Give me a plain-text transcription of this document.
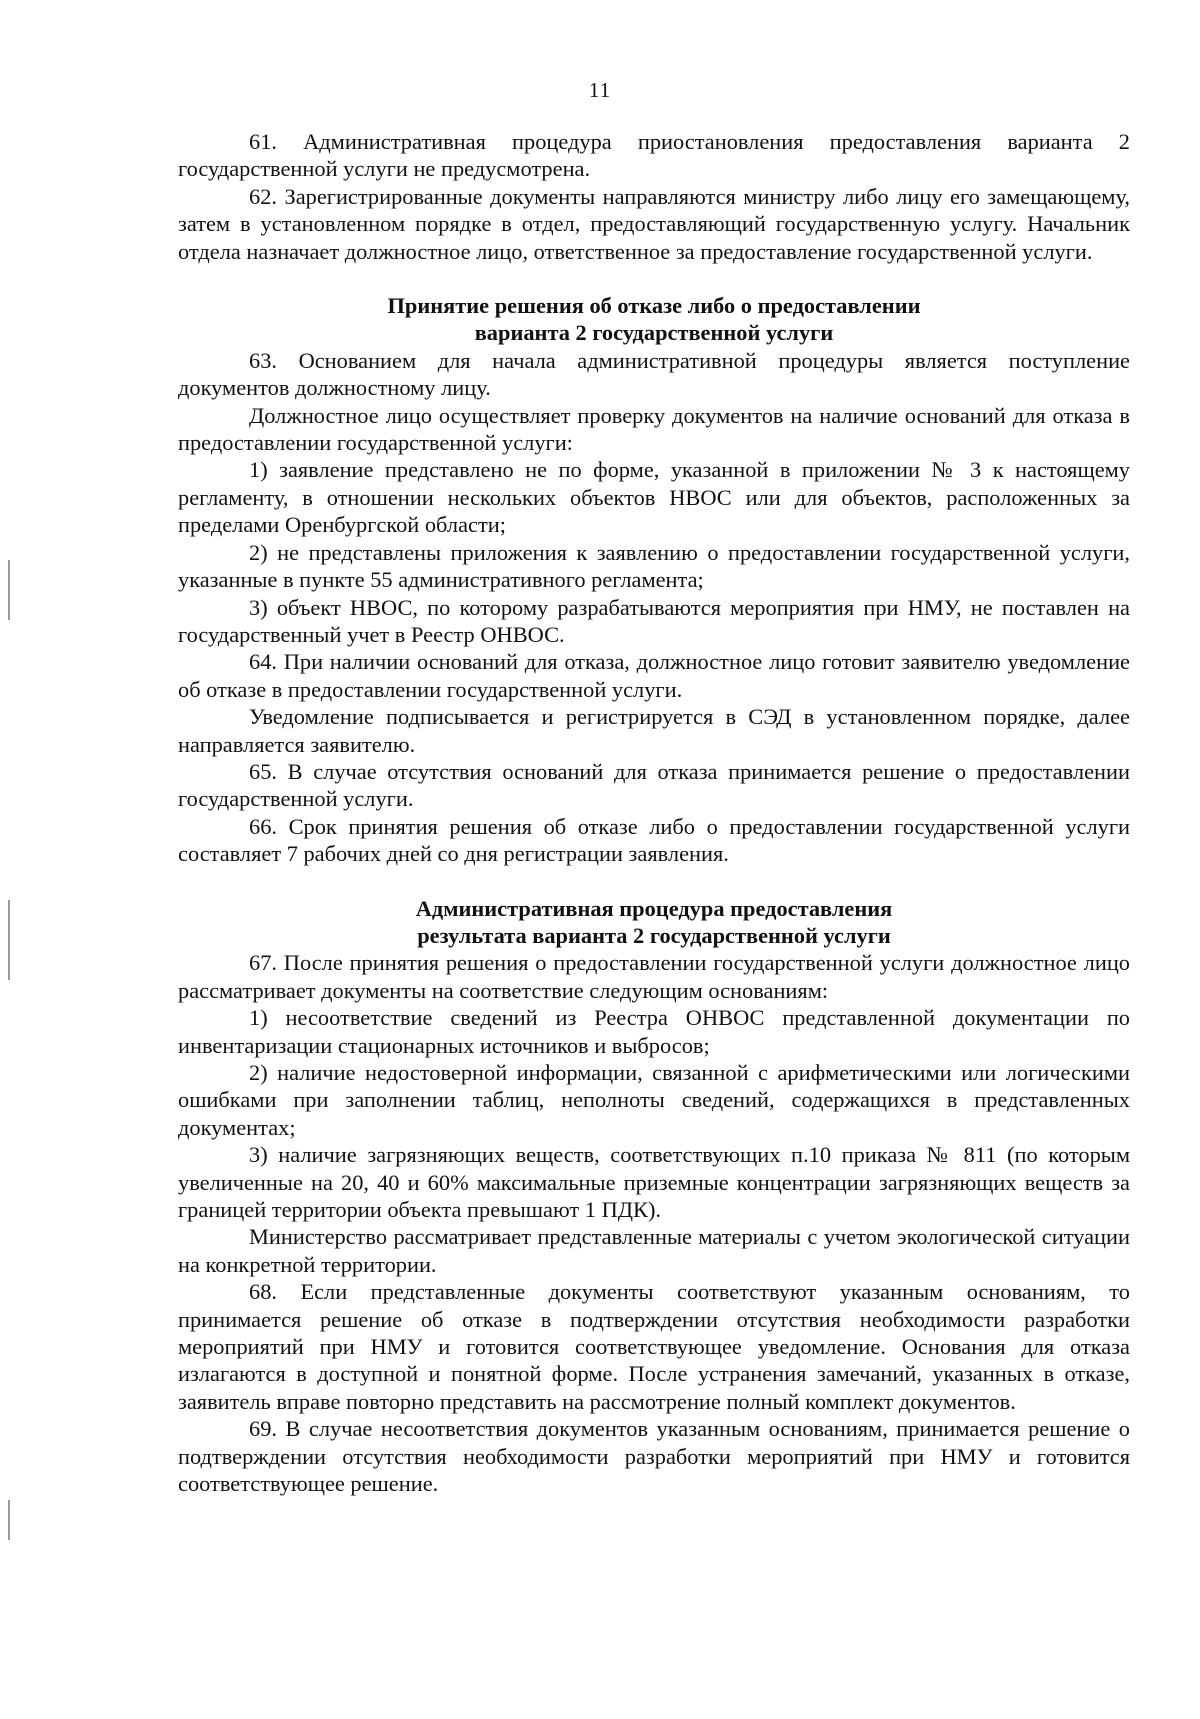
11

61. Административная процедура приостановления предоставления варианта 2 государственной услуги не предусмотрена.

62. Зарегистрированные документы направляются министру либо лицу его замещающему, затем в установленном порядке в отдел, предоставляющий государственную услугу. Начальник отдела назначает должностное лицо, ответственное за предоставление государственной услуги.

Принятие решения об отказе либо о предоставлении

варианта 2 государственной услуги

63. Основанием для начала административной процедуры является поступление документов должностному лицу.

Должностное лицо осуществляет проверку документов на наличие оснований для отказа в предоставлении государственной услуги:

1) заявление представлено не по форме, указанной в приложении № 3 к настоящему регламенту, в отношении нескольких объектов НВОС или для объектов, расположенных за пределами Оренбургской области;

2) не представлены приложения к заявлению о предоставлении государственной услуги, указанные в пункте 55 административного регламента;

3) объект НВОС, по которому разрабатываются мероприятия при НМУ, не поставлен на государственный учет в Реестр ОНВОС.

64. При наличии оснований для отказа, должностное лицо готовит заявителю уведомление об отказе в предоставлении государственной услуги.

Уведомление подписывается и регистрируется в СЭД в установленном порядке, далее направляется заявителю.

65. В случае отсутствия оснований для отказа принимается решение о предоставлении государственной услуги.

66. Срок принятия решения об отказе либо о предоставлении государственной услуги составляет 7 рабочих дней со дня регистрации заявления.

Административная процедура предоставления

результата варианта 2 государственной услуги

67. После принятия решения о предоставлении государственной услуги должностное лицо рассматривает документы на соответствие следующим основаниям:

1) несоответствие сведений из Реестра ОНВОС представленной документации по инвентаризации стационарных источников и выбросов;

2) наличие недостоверной информации, связанной с арифметическими или логическими ошибками при заполнении таблиц, неполноты сведений, содержащихся в представленных документах;

3) наличие загрязняющих веществ, соответствующих п.10 приказа № 811 (по которым увеличенные на 20, 40 и 60% максимальные приземные концентрации загрязняющих веществ за границей территории объекта превышают 1 ПДК).

Министерство рассматривает представленные материалы с учетом экологической ситуации на конкретной территории.

68. Если представленные документы соответствуют указанным основаниям, то принимается решение об отказе в подтверждении отсутствия необходимости разработки мероприятий при НМУ и готовится соответствующее уведомление. Основания для отказа излагаются в доступной и понятной форме. После устранения замечаний, указанных в отказе, заявитель вправе повторно представить на рассмотрение полный комплект документов.

69. В случае несоответствия документов указанным основаниям, принимается решение о подтверждении отсутствия необходимости разработки мероприятий при НМУ и готовится соответствующее решение.
